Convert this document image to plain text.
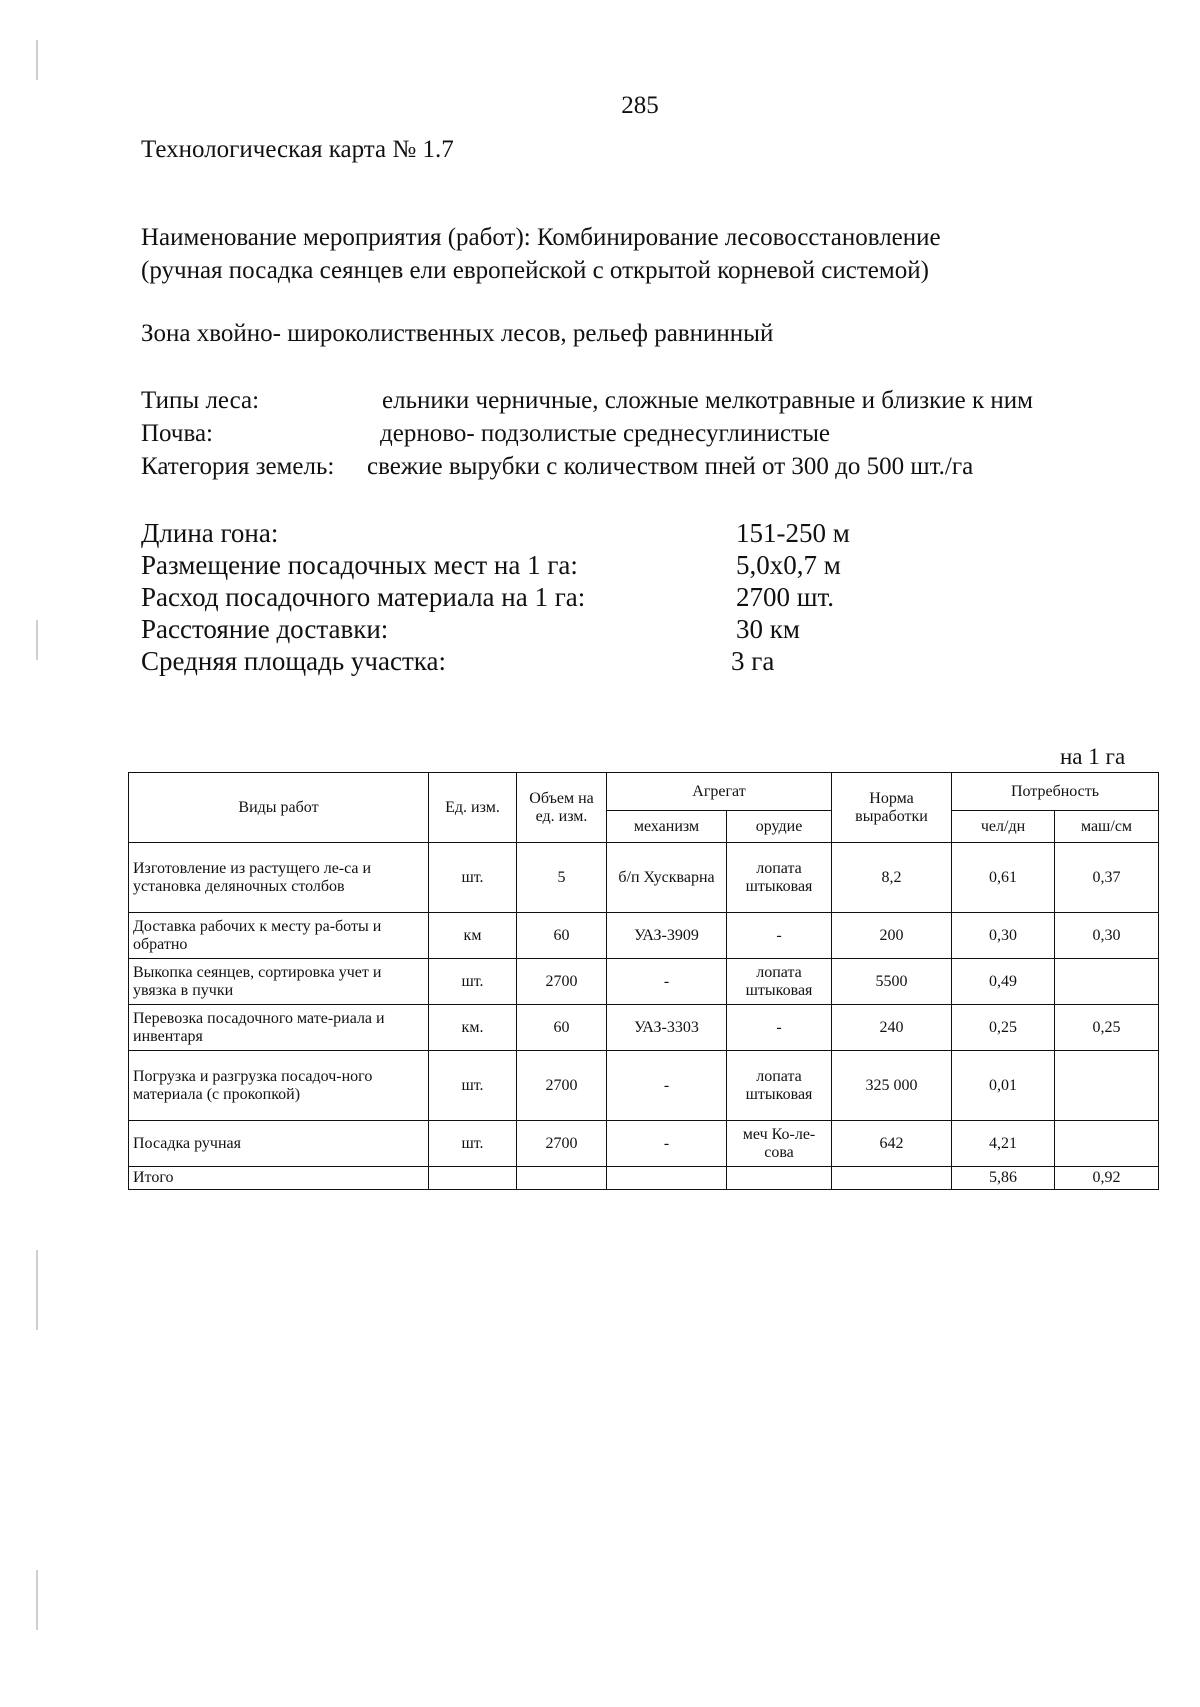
285
Технологическая карта № 1.7
Наименование мероприятия (работ): Комбинирование лесовосстановление
(ручная посадка сеянцев ели европейской с открытой корневой системой)
Зона хвойно- широколиственных лесов, рельеф равнинный
Типы леса:	ельники черничные, сложные мелкотравные и близкие к ним
Почва:	дерново- подзолистые среднесуглинистые
Категория земель: свежие вырубки с количеством пней от 300 до 500 шт./га
Длина гона:	151-250 м
Размещение посадочных мест на 1 га:	5,0х0,7 м
Расход посадочного материала на 1 га:	2700 шт.
Расстояние доставки:	30 км
Средняя площадь участка:	3 га
на 1 га
Виды работ	Ед. изм.	Объем на ед. изм.	Агрегат		Норма выработки	Потребность	
			механизм	орудие		чел/дн	маш/см
Изготовление из растущего ле-са и установка деляночных столбов	шт.	5	б/п Хускварна	лопата штыковая	8,2	0,61	0,37
Доставка рабочих к месту ра-боты и обратно	км	60	УАЗ-3909	-	200	0,30	0,30
Выкопка сеянцев, сортировка учет и увязка в пучки	шт.	2700	-	лопата штыковая	5500	0,49	
Перевозка посадочного мате-риала и инвентаря	км.	60	УАЗ-3303	-	240	0,25	0,25
Погрузка и разгрузка посадоч-ного материала (с прокопкой)	шт.	2700	-	лопата штыковая	325 000	0,01	
Посадка ручная	шт.	2700	-	меч Ко-ле-сова	642	4,21	
Итого						5,86	0,92
